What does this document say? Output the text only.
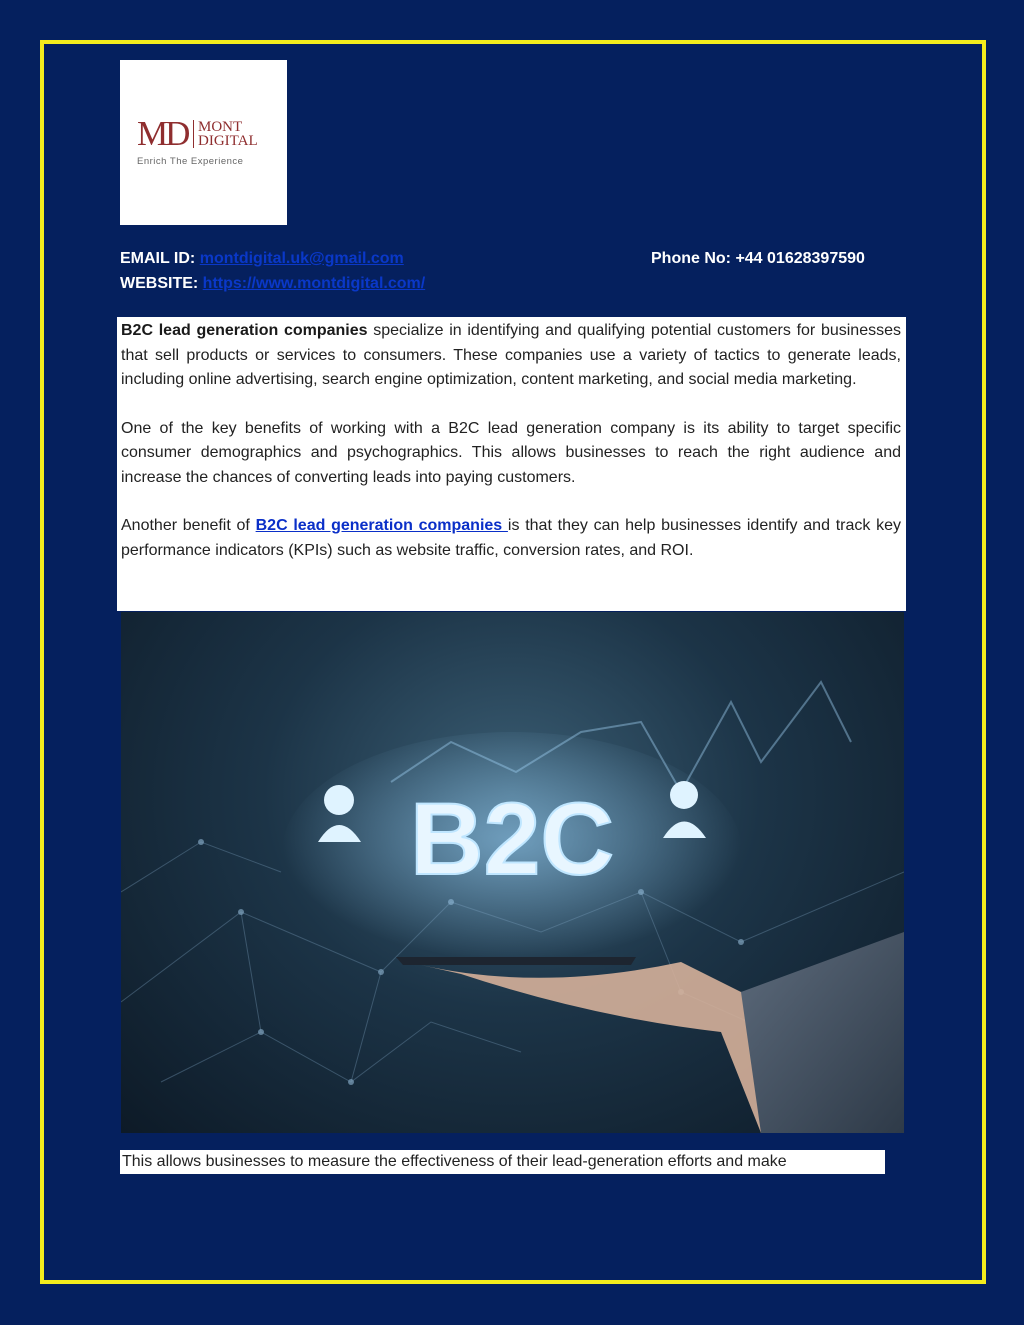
MD MONT
DIGITAL
Enrich The Experience
EMAIL ID: montdigital.uk@gmail.com
WEBSITE: https://www.montdigital.com/
Phone No: +44 01628397590

B2C lead generation companies specialize in identifying and qualifying potential customers for businesses that sell products or services to consumers. These companies use a variety of tactics to generate leads, including online advertising, search engine optimization, content marketing, and social media marketing.

One of the key benefits of working with a B2C lead generation company is its ability to target specific consumer demographics and psychographics. This allows businesses to reach the right audience and increase the chances of converting leads into paying customers.

Another benefit of B2C lead generation companies is that they can help businesses identify and track key performance indicators (KPIs) such as website traffic, conversion rates, and ROI.

B2C
This allows businesses to measure the effectiveness of their lead-generation efforts and make
